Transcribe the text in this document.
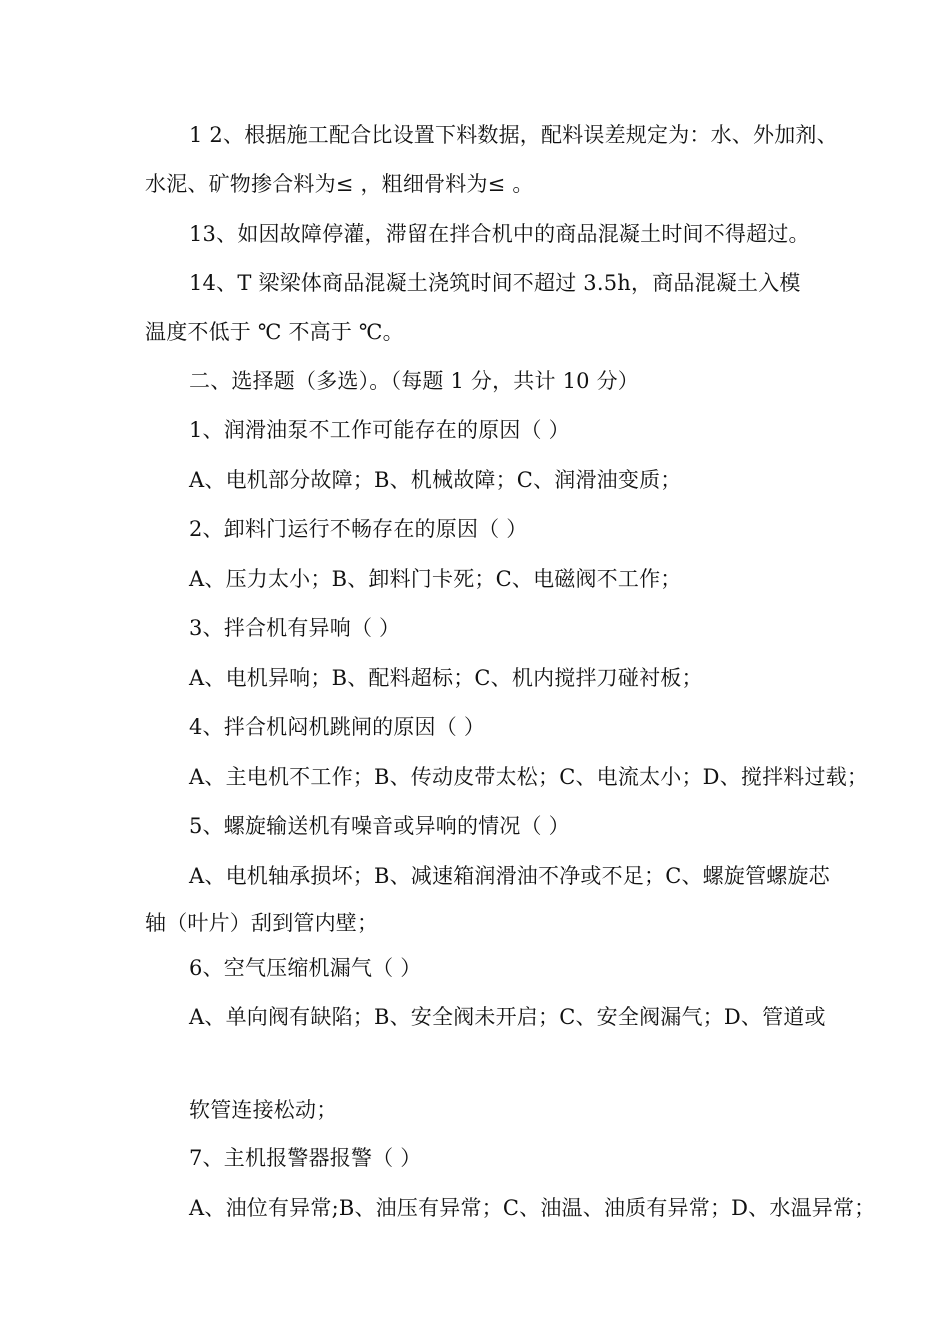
1 2、根据施工配合比设置下料数据，配料误差规定为：水、外加剂、
水泥、矿物掺合料为≤ ，粗细骨料为≤ 。
13、如因故障停灌，滞留在拌合机中的商品混凝土时间不得超过。
14、T 梁梁体商品混凝土浇筑时间不超过 3.5h，商品混凝土入模
温度不低于 ℃ 不高于 ℃。
二、选择题（多选）。（每题 1 分，共计 10 分）
1、润滑油泵不工作可能存在的原因（ ）
A、电机部分故障；B、机械故障；C、润滑油变质；
2、卸料门运行不畅存在的原因（ ）
A、压力太小；B、卸料门卡死；C、电磁阀不工作；
3、拌合机有异响（ ）
A、电机异响；B、配料超标；C、机内搅拌刀碰衬板；
4、拌合机闷机跳闸的原因（ ）
A、主电机不工作；B、传动皮带太松；C、电流太小；D、搅拌料过载；
5、螺旋输送机有噪音或异响的情况（ ）
A、电机轴承损坏；B、减速箱润滑油不净或不足；C、螺旋管螺旋芯
轴（叶片）刮到管内壁；
6、空气压缩机漏气（ ）
A、单向阀有缺陷；B、安全阀未开启；C、安全阀漏气；D、管道或
软管连接松动；
7、主机报警器报警（ ）
A、油位有异常;B、油压有异常；C、油温、油质有异常；D、水温异常；
